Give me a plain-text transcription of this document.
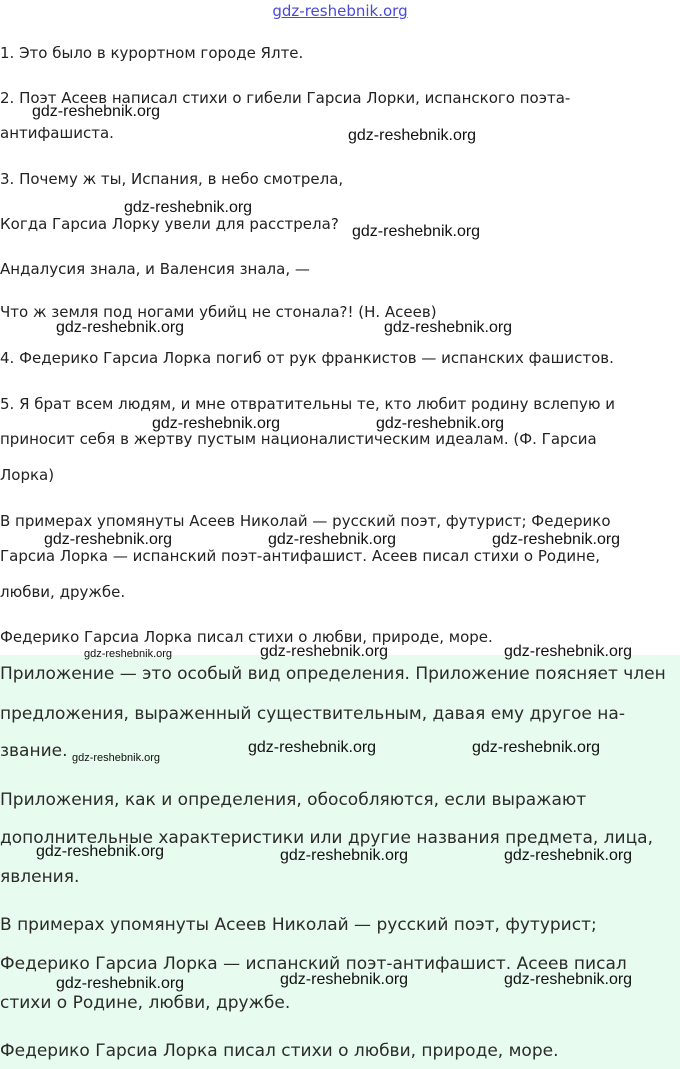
gdz-reshebnik.org
1. Это было в курортном городе Ялте.
2. Поэт Асеев написал стихи о гибели Гарсиа Лорки, испанского поэта-
антифашиста.
3. Почему ж ты, Испания, в небо смотрела,
Когда Гарсиа Лорку увели для расстрела?
Андалусия знала, и Валенсия знала, —
Что ж земля под ногами убийц не стонала?! (Н. Асеев)
4. Федерико Гарсиа Лорка погиб от рук франкистов — испанских фашистов.
5. Я брат всем людям, и мне отвратительны те, кто любит родину вслепую и
приносит себя в жертву пустым националистическим идеалам. (Ф. Гарсиа
Лорка)
В примерах упомянуты Асеев Николай — русский поэт, футурист; Федерико
Гарсиа Лорка — испанский поэт-антифашист. Асеев писал стихи о Родине,
любви, дружбе.
Федерико Гарсиа Лорка писал стихи о любви, природе, море.
Приложение — это особый вид определения. Приложение поясняет член
предложения, выраженный существительным, давая ему другое на-
звание.
Приложения, как и определения, обособляются, если выражают
дополнительные характеристики или другие названия предмета, лица,
явления.
В примерах упомянуты Асеев Николай — русский поэт, футурист;
Федерико Гарсиа Лорка — испанский поэт-антифашист. Асеев писал
стихи о Родине, любви, дружбе.
Федерико Гарсиа Лорка писал стихи о любви, природе, море.
gdz-reshebnik.org
gdz-reshebnik.org
gdz-reshebnik.org
gdz-reshebnik.org
gdz-reshebnik.org	gdz-reshebnik.org
gdz-reshebnik.org	gdz-reshebnik.org
gdz-reshebnik.org	gdz-reshebnik.org	gdz-reshebnik.org
gdz-reshebnik.org	gdz-reshebnik.org	gdz-reshebnik.org
gdz-reshebnik.org
gdz-reshebnik.org	gdz-reshebnik.org
gdz-reshebnik.org	gdz-reshebnik.org	gdz-reshebnik.org
gdz-reshebnik.org	gdz-reshebnik.org	gdz-reshebnik.org
